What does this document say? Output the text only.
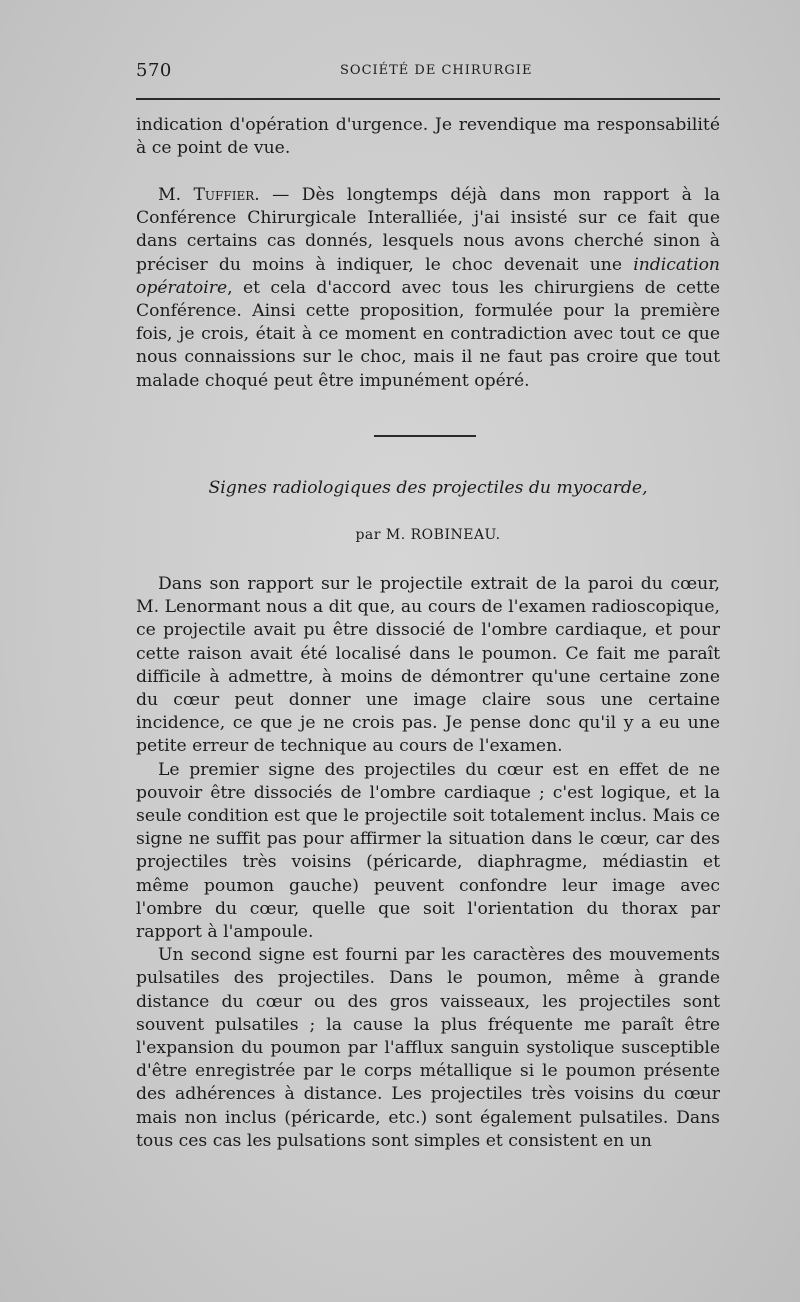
570	SOCIÉTÉ DE CHIRURGIE

indication d'opération d'urgence. Je revendique ma responsabilité à ce point de vue.

M. Tuffier. — Dès longtemps déjà dans mon rapport à la Conférence Chirurgicale Interalliée, j'ai insisté sur ce fait que dans certains cas donnés, lesquels nous avons cherché sinon à préciser du moins à indiquer, le choc devenait une indication opératoire, et cela d'accord avec tous les chirurgiens de cette Conférence. Ainsi cette proposition, formulée pour la première fois, je crois, était à ce moment en contradiction avec tout ce que nous connaissions sur le choc, mais il ne faut pas croire que tout malade choqué peut être impunément opéré.

Signes radiologiques des projectiles du myocarde,
par M. ROBINEAU.

Dans son rapport sur le projectile extrait de la paroi du cœur, M. Lenormant nous a dit que, au cours de l'examen radioscopique, ce projectile avait pu être dissocié de l'ombre cardiaque, et pour cette raison avait été localisé dans le poumon. Ce fait me paraît difficile à admettre, à moins de démontrer qu'une certaine zone du cœur peut donner une image claire sous une certaine incidence, ce que je ne crois pas. Je pense donc qu'il y a eu une petite erreur de technique au cours de l'examen.

Le premier signe des projectiles du cœur est en effet de ne pouvoir être dissociés de l'ombre cardiaque ; c'est logique, et la seule condition est que le projectile soit totalement inclus. Mais ce signe ne suffit pas pour affirmer la situation dans le cœur, car des projectiles très voisins (péricarde, diaphragme, médiastin et même poumon gauche) peuvent confondre leur image avec l'ombre du cœur, quelle que soit l'orientation du thorax par rapport à l'ampoule.

Un second signe est fourni par les caractères des mouvements pulsatiles des projectiles. Dans le poumon, même à grande distance du cœur ou des gros vaisseaux, les projectiles sont souvent pulsatiles ; la cause la plus fréquente me paraît être l'expansion du poumon par l'afflux sanguin systolique susceptible d'être enregistrée par le corps métallique si le poumon présente des adhérences à distance. Les projectiles très voisins du cœur mais non inclus (péricarde, etc.) sont également pulsatiles. Dans tous ces cas les pulsations sont simples et consistent en un
